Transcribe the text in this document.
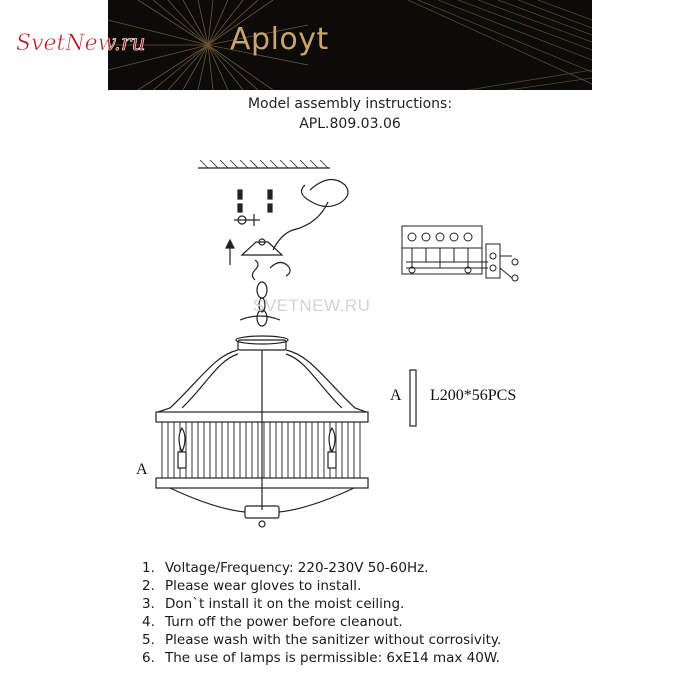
Aployt
SvetNew.ru
Model assembly instructions:
APL.809.03.06
SVETNEW.RU
A
A L200*56PCS
1. Voltage/Frequency: 220-230V 50-60Hz.
2. Please wear gloves to install.
3. Don`t install it on the moist ceiling.
4. Turn off the power before cleanout.
5. Please wash with the sanitizer without corrosivity.
6. The use of lamps is permissible: 6xE14 max 40W.
